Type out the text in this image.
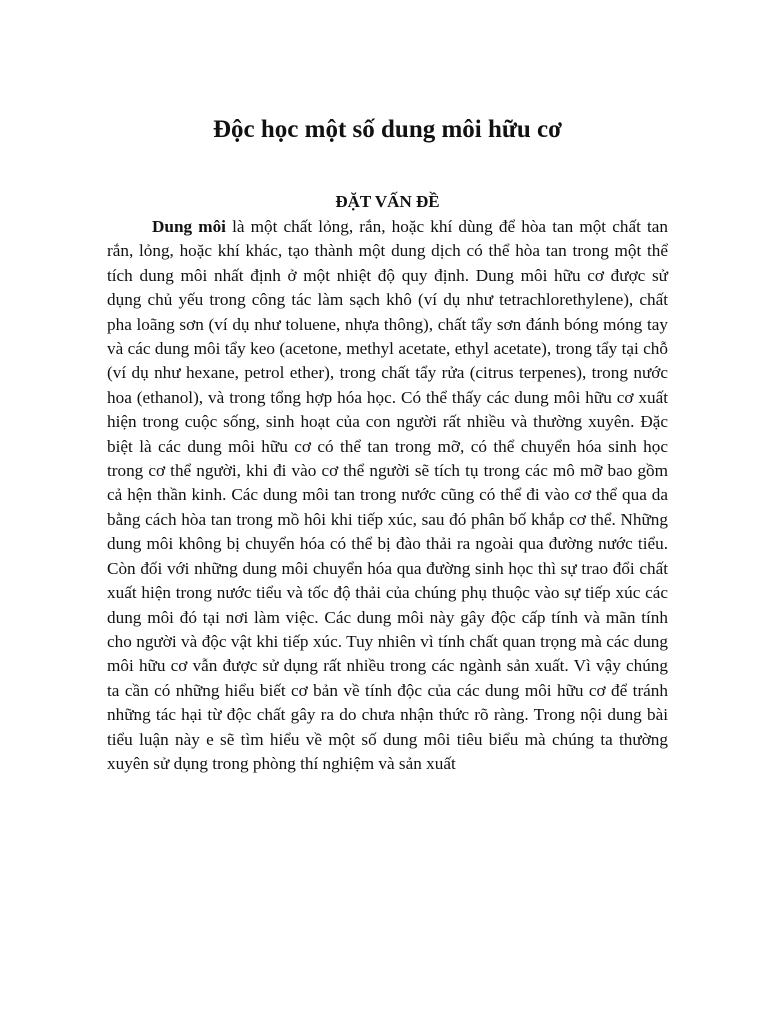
Độc học một số dung môi hữu cơ
ĐẶT VẤN ĐỀ

Dung môi là một chất lỏng, rắn, hoặc khí dùng để hòa tan một chất tan rắn, lỏng, hoặc khí khác, tạo thành một dung dịch có thể hòa tan trong một thể tích dung môi nhất định ở một nhiệt độ quy định. Dung môi hữu cơ được sử dụng chủ yếu trong công tác làm sạch khô (ví dụ như tetrachlorethylene), chất pha loãng sơn (ví dụ như toluene, nhựa thông), chất tẩy sơn đánh bóng móng tay và các dung môi tẩy keo (acetone, methyl acetate, ethyl acetate), trong tẩy tại chỗ (ví dụ như hexane, petrol ether), trong chất tẩy rửa (citrus terpenes), trong nước hoa (ethanol), và trong tổng hợp hóa học. Có thể thấy các dung môi hữu cơ xuất hiện trong cuộc sống, sinh hoạt của con người rất nhiều và thường xuyên. Đặc biệt là các dung môi hữu cơ có thể tan trong mỡ, có thể chuyển hóa sinh học trong cơ thể người, khi đi vào cơ thể người sẽ tích tụ trong các mô mỡ bao gồm cả hện thần kinh. Các dung môi tan trong nước cũng có thể đi vào cơ thể qua da bằng cách hòa tan trong mồ hôi khi tiếp xúc, sau đó phân bố khắp cơ thể. Những dung môi không bị chuyển hóa có thể bị đào thải ra ngoài qua đường nước tiểu. Còn đối với những dung môi chuyển hóa qua đường sinh học thì sự trao đổi chất xuất hiện trong nước tiểu và tốc độ thải của chúng phụ thuộc vào sự tiếp xúc các dung môi đó tại nơi làm việc. Các dung môi này gây độc cấp tính và mãn tính cho người và độc vật khi tiếp xúc. Tuy nhiên vì tính chất quan trọng mà các dung môi hữu cơ vẫn được sử dụng rất nhiều trong các ngành sản xuất. Vì vậy chúng ta cần có những hiểu biết cơ bản về tính độc của các dung môi hữu cơ để tránh những tác hại từ độc chất gây ra do chưa nhận thức rõ ràng. Trong nội dung bài tiểu luận này e sẽ tìm hiểu về một số dung môi tiêu biểu mà chúng ta thường xuyên sử dụng trong phòng thí nghiệm và sản xuất
